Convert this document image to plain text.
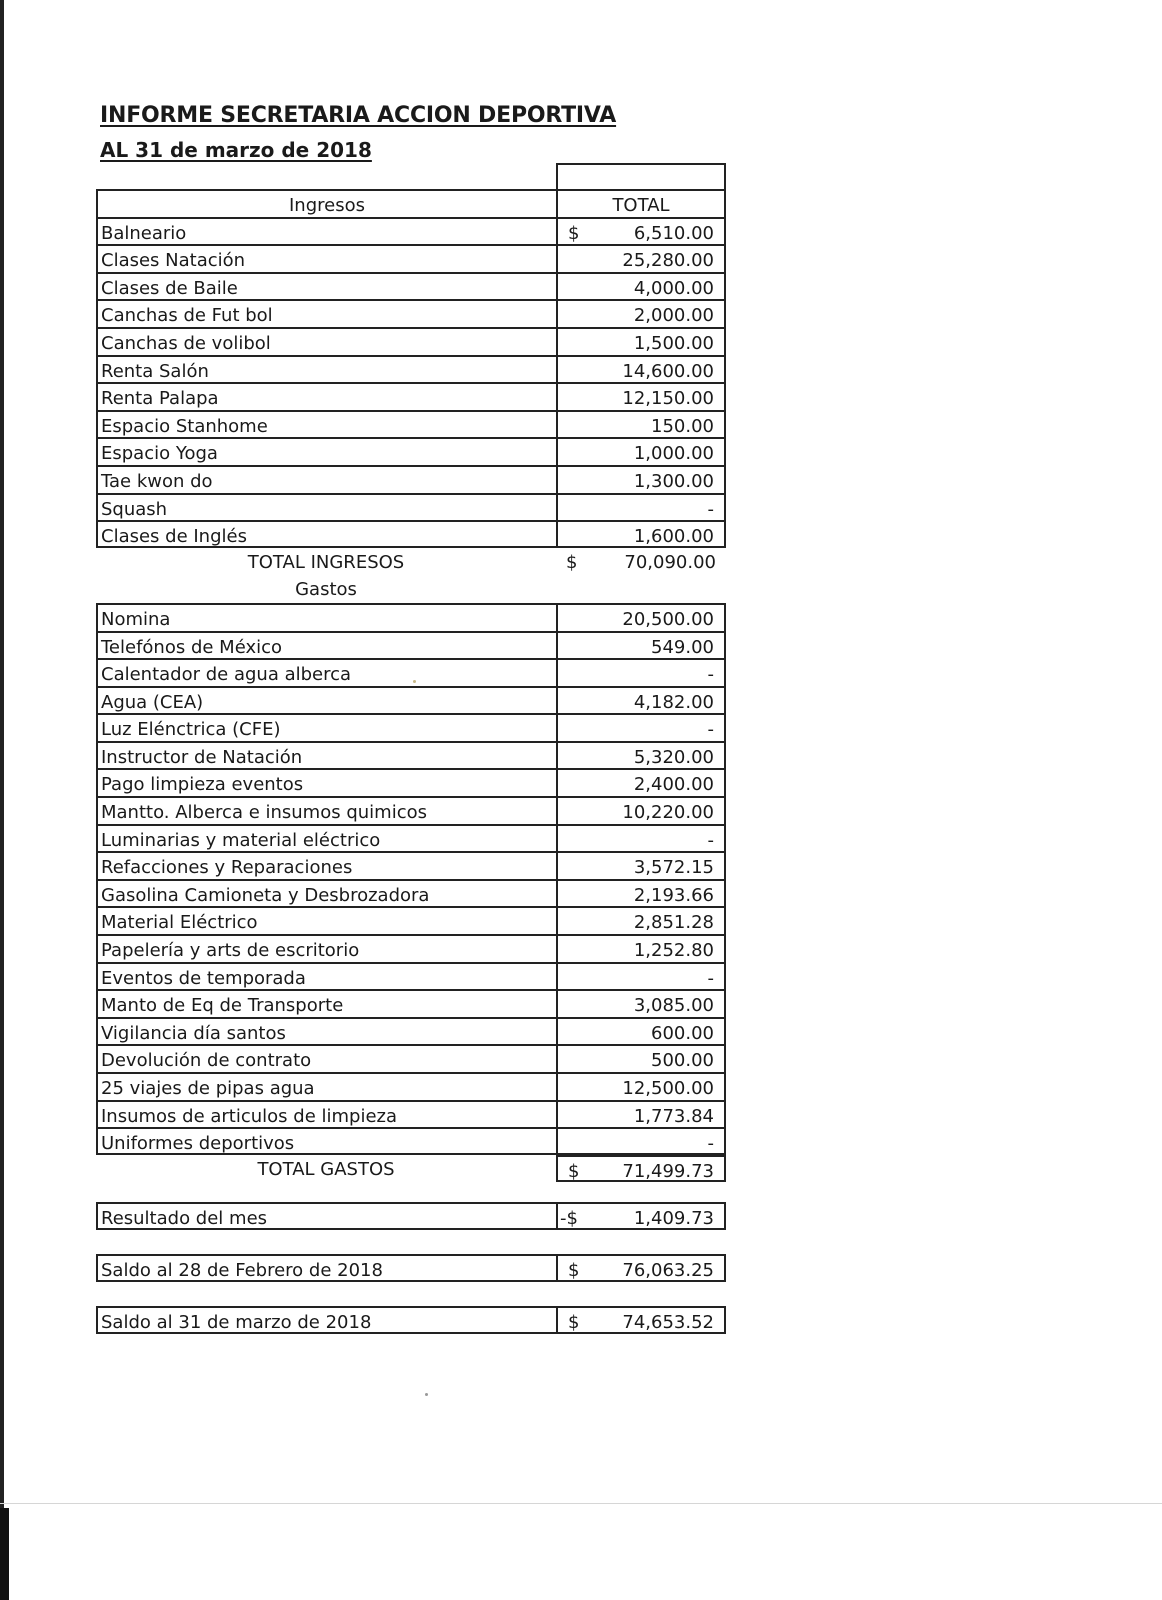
INFORME SECRETARIA ACCION DEPORTIVA
AL 31 de marzo de 2018
Ingresos	TOTAL
Balneario	$	6,510.00
Clases Natación	25,280.00
Clases de Baile	4,000.00
Canchas de Fut bol	2,000.00
Canchas de volibol	1,500.00
Renta Salón	14,600.00
Renta Palapa	12,150.00
Espacio Stanhome	150.00
Espacio Yoga	1,000.00
Tae kwon do	1,300.00
Squash	-
Clases de Inglés	1,600.00
TOTAL INGRESOS	$	70,090.00
Gastos
Nomina	20,500.00
Telefónos de México	549.00
Calentador de agua alberca	-
Agua (CEA)	4,182.00
Luz Elénctrica (CFE)	-
Instructor de Natación	5,320.00
Pago limpieza eventos	2,400.00
Mantto. Alberca e insumos quimicos	10,220.00
Luminarias y material eléctrico	-
Refacciones y Reparaciones	3,572.15
Gasolina Camioneta y Desbrozadora	2,193.66
Material Eléctrico	2,851.28
Papelería y arts de escritorio	1,252.80
Eventos de temporada	-
Manto de Eq de Transporte	3,085.00
Vigilancia día santos	600.00
Devolución de contrato	500.00
25 viajes de pipas agua	12,500.00
Insumos de articulos de limpieza	1,773.84
Uniformes deportivos	-
TOTAL GASTOS	$ 71,499.73
Resultado del mes	-$	1,409.73
Saldo al 28 de Febrero de 2018	$ 76,063.25
Saldo al 31 de marzo de 2018	$ 74,653.52
